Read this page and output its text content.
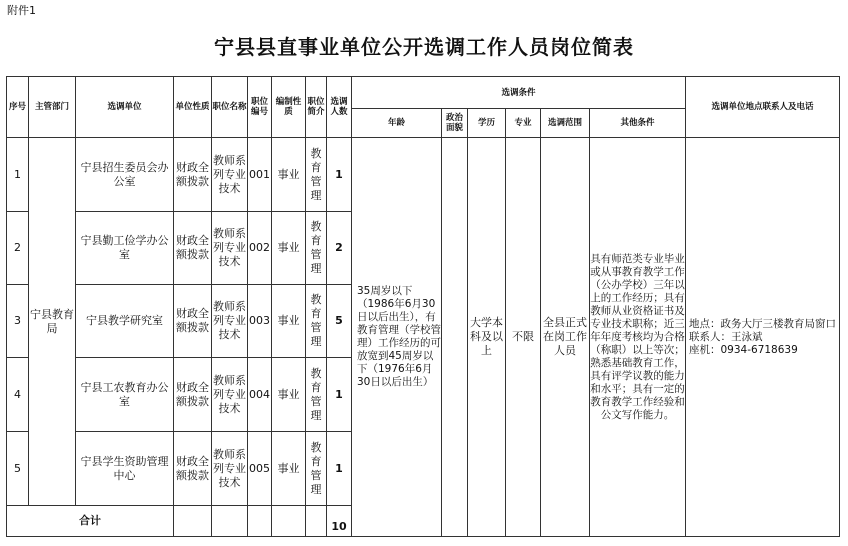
附件1
宁县县直事业单位公开选调工作人员岗位简表
序号	主管部门	选调单位	单位性质	职位名称	职位编号	编制性质	职位简介	选调人数	选调条件						选调单位地点联系人及电话
									年龄	政治面貌	学历	专业	选调范围	其他条件	
1	宁县教育局	宁县招生委员会办公室	财政全额拨款	教师系列专业技术	001	事业	教育管理	1	35周岁以下（1986年6月30日以后出生），有教育管理（学校管理）工作经历的可放宽到45周岁以下（1976年6月30日以后出生）		大学本科及以上	不限	全县正式在岗工作人员	具有师范类专业毕业或从事教育教学工作（公办学校）三年以上的工作经历；具有教师从业资格证书及专业技术职称；近三年年度考核均为合格（称职）以上等次；熟悉基础教育工作，具有评学议教的能力和水平；具有一定的教育教学工作经验和公文写作能力。	地点：政务大厅三楼教育局窗口
联系人：王泳斌
座机：0934-6718639

2		宁县勤工俭学办公室	财政全额拨款	教师系列专业技术	002	事业	教育管理	2							
3		宁县教学研究室	财政全额拨款	教师系列专业技术	003	事业	教育管理	5							
4		宁县工农教育办公室	财政全额拨款	教师系列专业技术	004	事业	教育管理	1							
5		宁县学生资助管理中心	财政全额拨款	教师系列专业技术	005	事业	教育管理	1							
合计								10							
